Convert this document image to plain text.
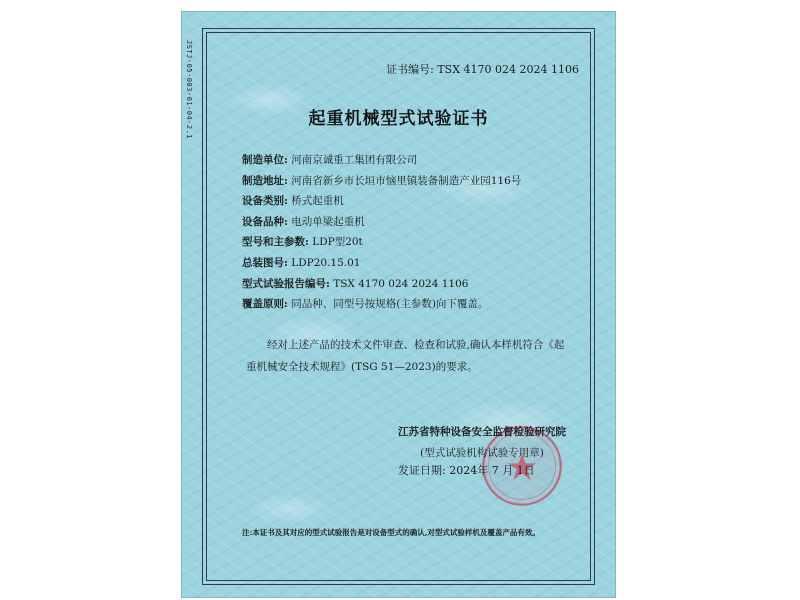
JSTJ-05-003-01-04-2.1	证书编号: TSX 4170 024 2024 1106
起重机械型式试验证书
制造单位: 河南京诚重工集团有限公司
制造地址: 河南省新乡市长垣市恼里镇装备制造产业园116号
设备类别: 桥式起重机
设备品种: 电动单梁起重机
型号和主参数: LDP型20t
总装图号: LDP20.15.01
型式试验报告编号: TSX 4170 024 2024 1106
覆盖原则: 同品种、同型号按规格(主参数)向下覆盖。
经对上述产品的技术文件审查、检查和试验,确认本样机符合《起重机械安全技术规程》(TSG 51—2023)的要求。
江苏省特种设备安全监督检验研究院
(型式试验机构试验专用章)
发证日期: 2024年 7 月 1日
注:本证书及其对应的型式试验报告是对设备型式的确认,对型式试验样机及覆盖产品有效。
